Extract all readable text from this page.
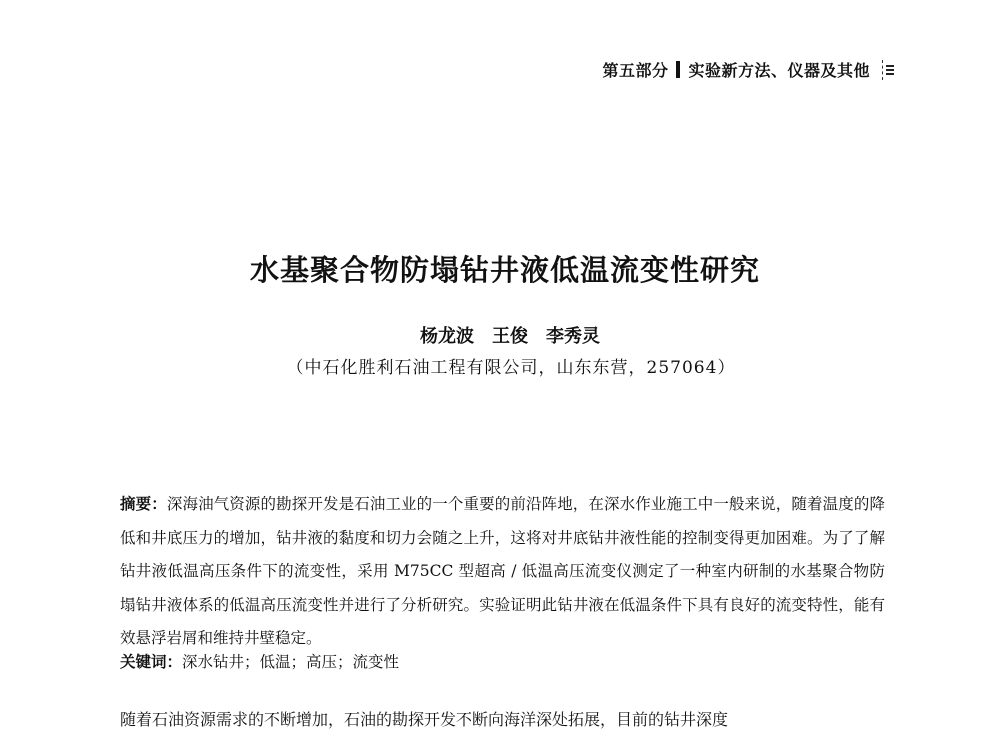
第五部分 实验新方法、仪器及其他
水基聚合物防塌钻井液低温流变性研究
杨龙波　王俊　李秀灵
（中石化胜利石油工程有限公司，山东东营，257064）

摘要：深海油气资源的勘探开发是石油工业的一个重要的前沿阵地，在深水作业施工中一般来说，随着温度的降低和井底压力的增加，钻井液的黏度和切力会随之上升，这将对井底钻井液性能的控制变得更加困难。为了了解钻井液低温高压条件下的流变性，采用 M75CC 型超高 / 低温高压流变仪测定了一种室内研制的水基聚合物防塌钻井液体系的低温高压流变性并进行了分析研究。实验证明此钻井液在低温条件下具有良好的流变特性，能有效悬浮岩屑和维持井壁稳定。

关键词：深水钻井；低温；高压；流变性

随着石油资源需求的不断增加，石油的勘探开发不断向海洋深处拓展，目前的钻井深度
